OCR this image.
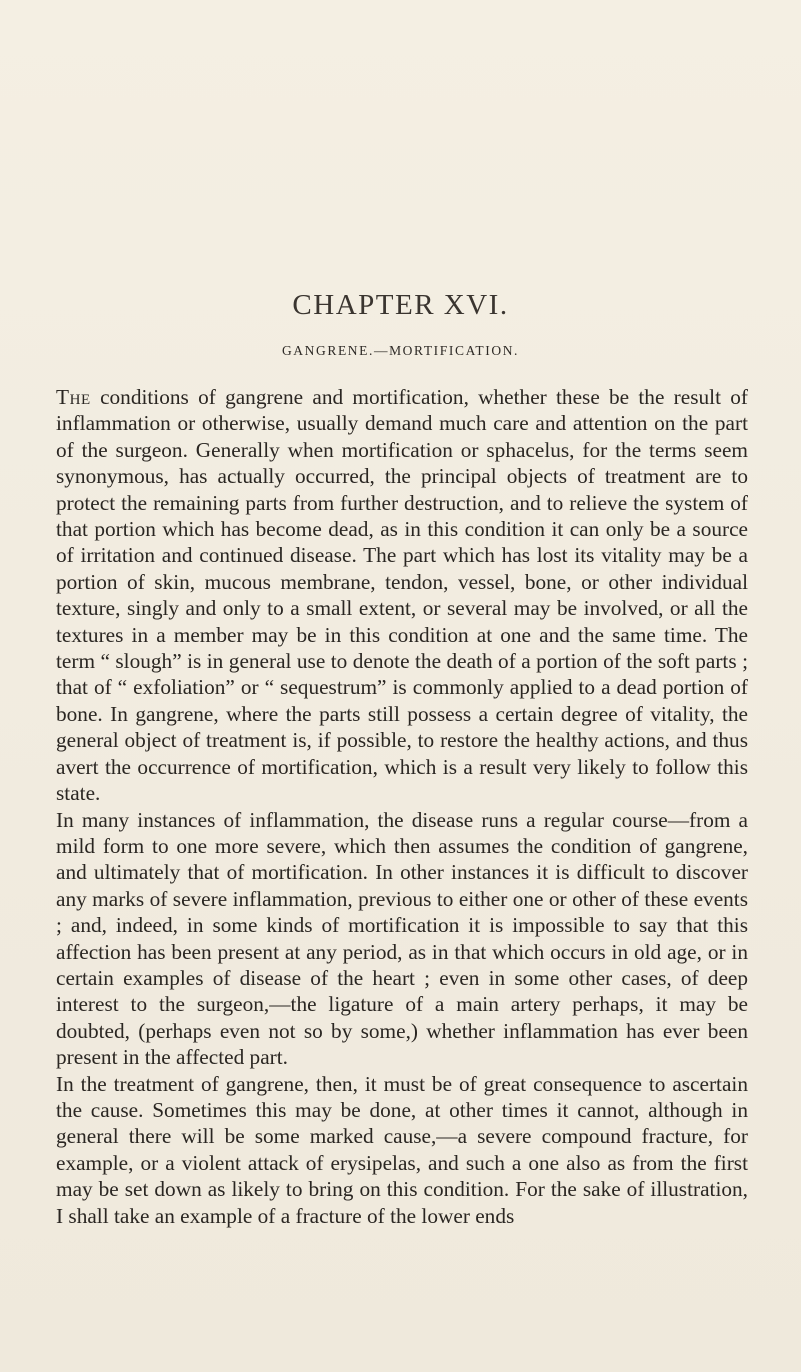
CHAPTER XVI.
GANGRENE.—MORTIFICATION.

The conditions of gangrene and mortification, whether these be the result of inflammation or otherwise, usually demand much care and attention on the part of the surgeon. Generally when mortification or sphacelus, for the terms seem synonymous, has actually occurred, the principal objects of treatment are to protect the remaining parts from further destruction, and to relieve the system of that portion which has become dead, as in this condition it can only be a source of irritation and continued disease. The part which has lost its vitality may be a portion of skin, mucous membrane, tendon, vessel, bone, or other individual texture, singly and only to a small extent, or several may be involved, or all the textures in a member may be in this condition at one and the same time. The term “ slough” is in general use to denote the death of a portion of the soft parts ; that of “ exfoliation” or “ sequestrum” is commonly applied to a dead portion of bone. In gangrene, where the parts still possess a certain degree of vitality, the general object of treatment is, if possible, to restore the healthy actions, and thus avert the occurrence of mortification, which is a result very likely to follow this state.

In many instances of inflammation, the disease runs a regular course—from a mild form to one more severe, which then assumes the condition of gangrene, and ultimately that of mortification. In other instances it is difficult to discover any marks of severe inflammation, previous to either one or other of these events ; and, indeed, in some kinds of mortification it is impossible to say that this affection has been present at any period, as in that which occurs in old age, or in certain examples of disease of the heart ; even in some other cases, of deep interest to the surgeon,—the ligature of a main artery perhaps, it may be doubted, (perhaps even not so by some,) whether inflammation has ever been present in the affected part.

In the treatment of gangrene, then, it must be of great consequence to ascertain the cause. Sometimes this may be done, at other times it cannot, although in general there will be some marked cause,—a severe compound fracture, for example, or a violent attack of erysipelas, and such a one also as from the first may be set down as likely to bring on this condition. For the sake of illustration, I shall take an example of a fracture of the lower ends
